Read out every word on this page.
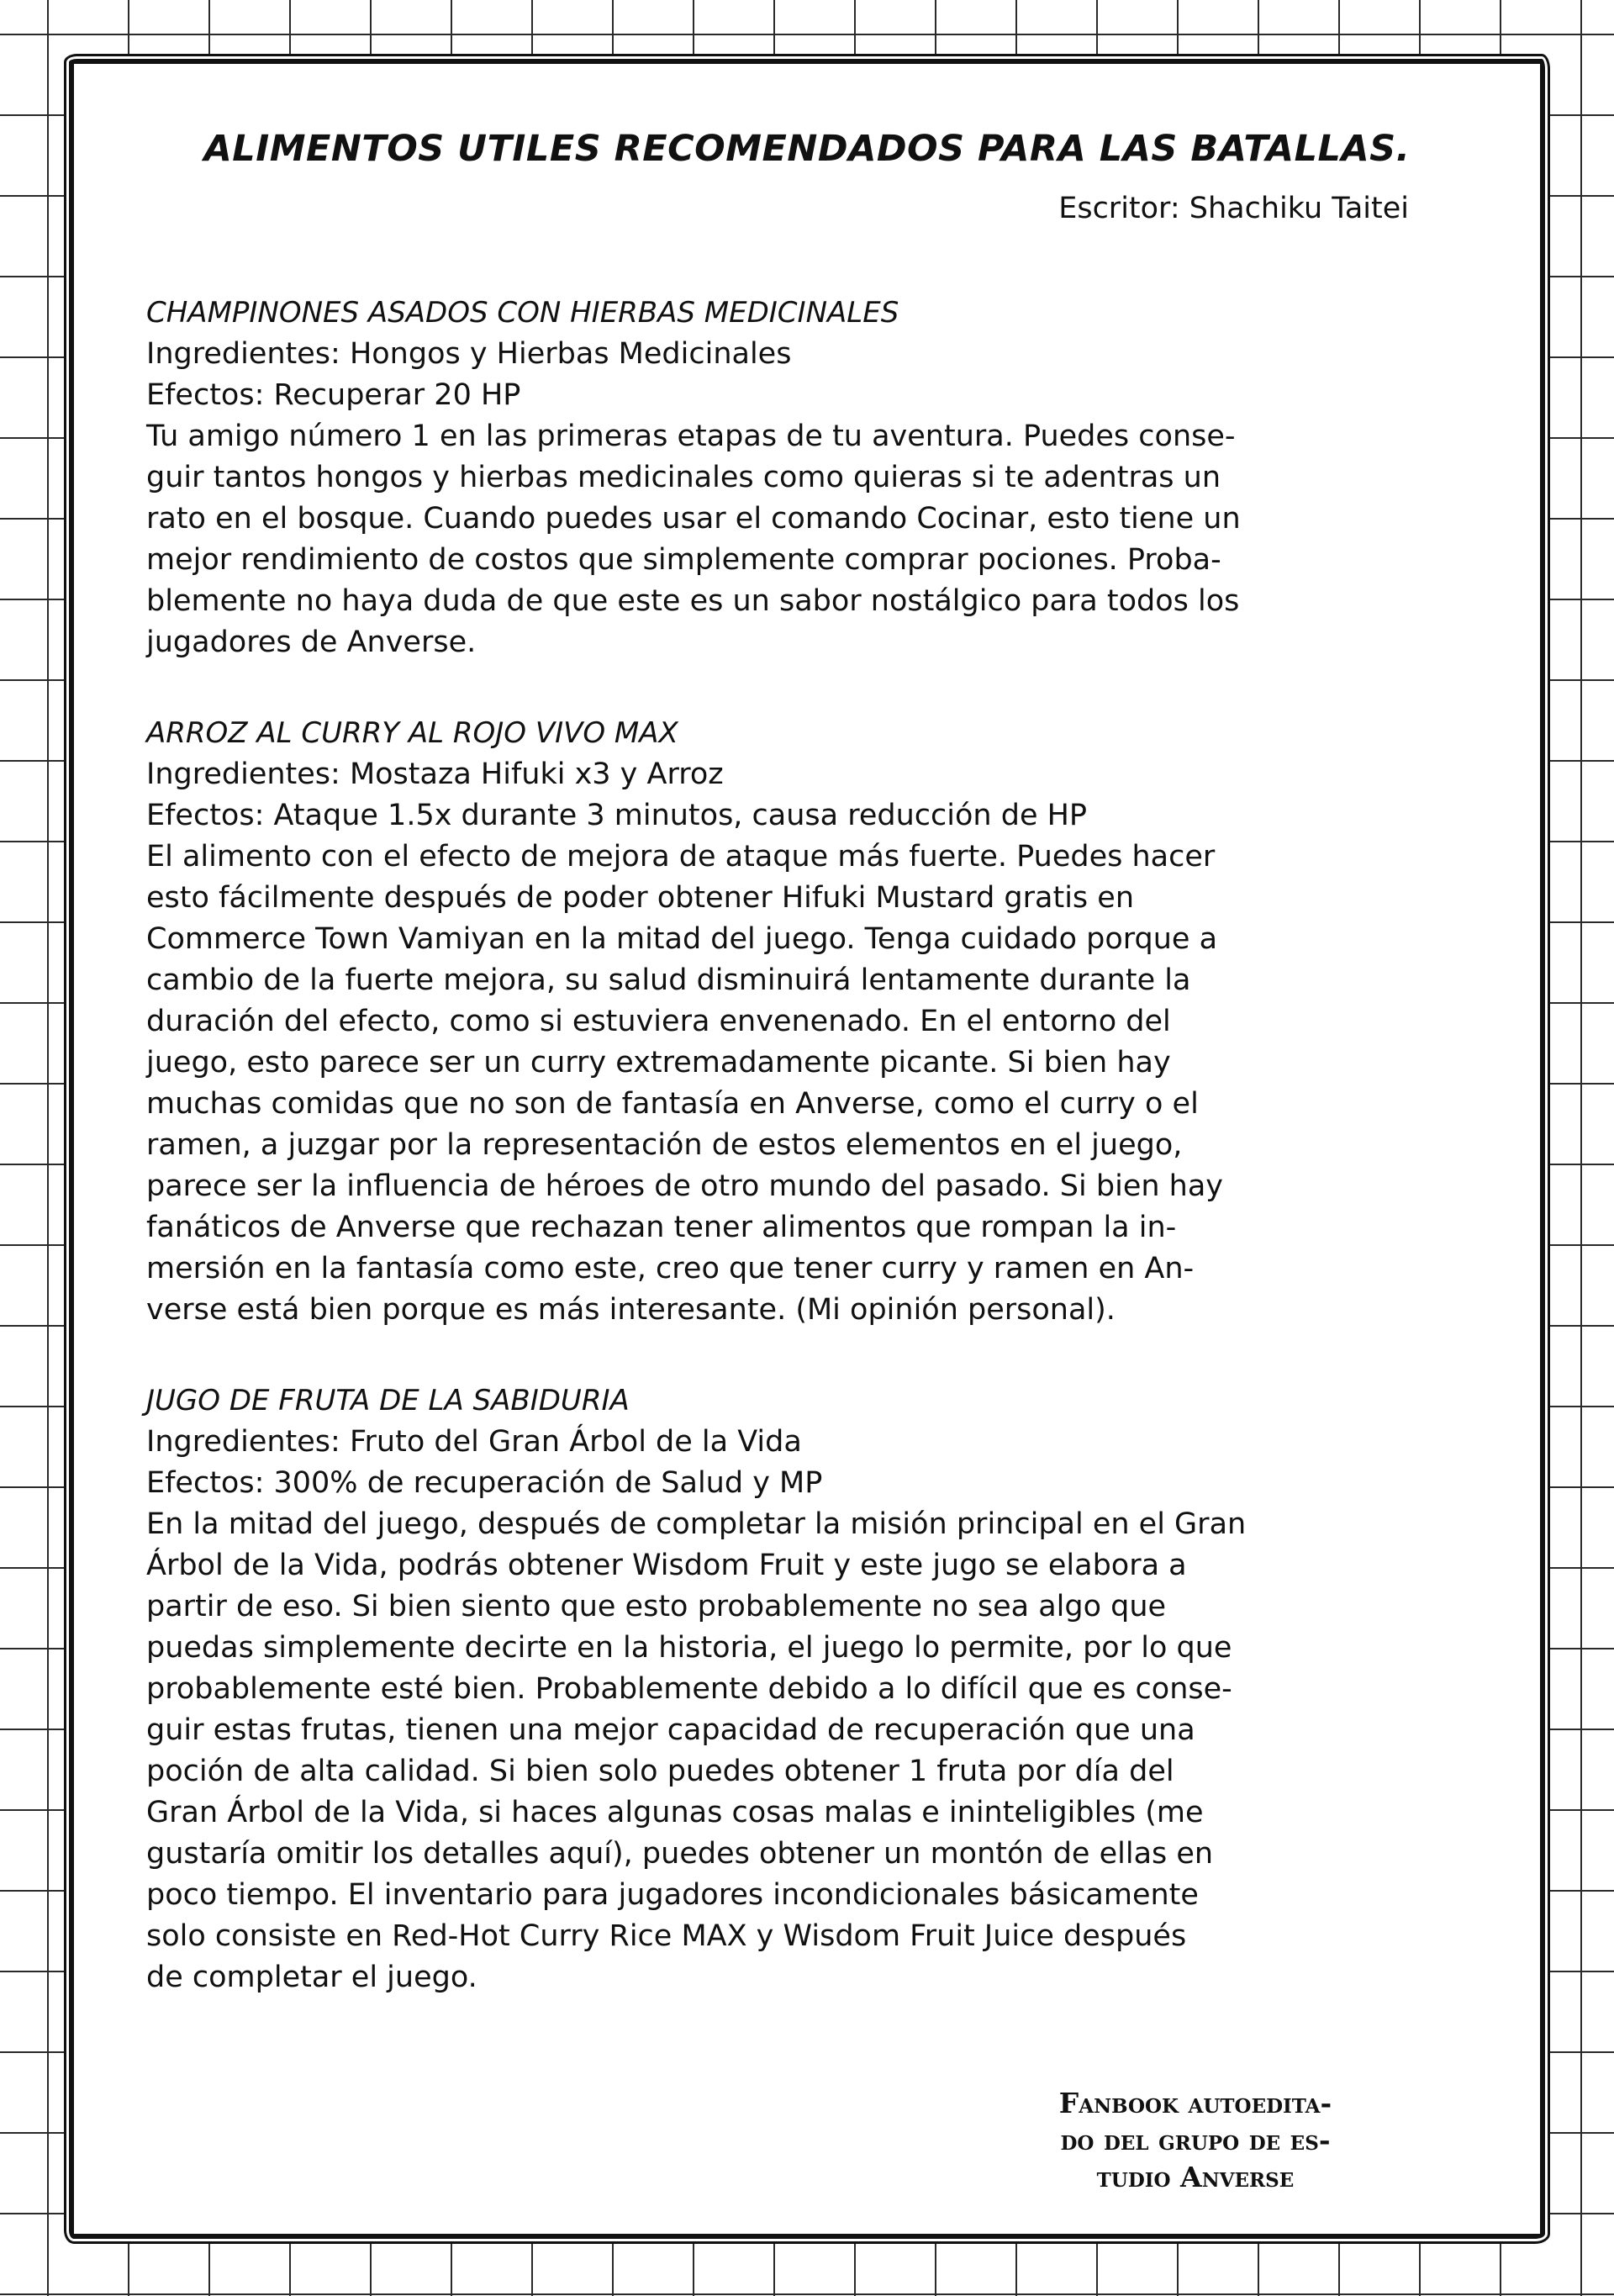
ALIMENTOS UTILES RECOMENDADOS PARA LAS BATALLAS.

Escritor: Shachiku Taitei

CHAMPINONES ASADOS CON HIERBAS MEDICINALES

Ingredientes: Hongos y Hierbas Medicinales

Efectos: Recuperar 20 HP

Tu amigo número 1 en las primeras etapas de tu aventura. Puedes conse-

guir tantos hongos y hierbas medicinales como quieras si te adentras un

rato en el bosque. Cuando puedes usar el comando Cocinar, esto tiene un

mejor rendimiento de costos que simplemente comprar pociones. Proba-

blemente no haya duda de que este es un sabor nostálgico para todos los

jugadores de Anverse.

ARROZ AL CURRY AL ROJO VIVO MAX

Ingredientes: Mostaza Hifuki x3 y Arroz

Efectos: Ataque 1.5x durante 3 minutos, causa reducción de HP

El alimento con el efecto de mejora de ataque más fuerte. Puedes hacer

esto fácilmente después de poder obtener Hifuki Mustard gratis en

Commerce Town Vamiyan en la mitad del juego. Tenga cuidado porque a

cambio de la fuerte mejora, su salud disminuirá lentamente durante la

duración del efecto, como si estuviera envenenado. En el entorno del

juego, esto parece ser un curry extremadamente picante. Si bien hay

muchas comidas que no son de fantasía en Anverse, como el curry o el

ramen, a juzgar por la representación de estos elementos en el juego,

parece ser la influencia de héroes de otro mundo del pasado. Si bien hay

fanáticos de Anverse que rechazan tener alimentos que rompan la in-

mersión en la fantasía como este, creo que tener curry y ramen en An-

verse está bien porque es más interesante. (Mi opinión personal).

JUGO DE FRUTA DE LA SABIDURIA

Ingredientes: Fruto del Gran Árbol de la Vida

Efectos: 300% de recuperación de Salud y MP

En la mitad del juego, después de completar la misión principal en el Gran

Árbol de la Vida, podrás obtener Wisdom Fruit y este jugo se elabora a

partir de eso. Si bien siento que esto probablemente no sea algo que

puedas simplemente decirte en la historia, el juego lo permite, por lo que

probablemente esté bien. Probablemente debido a lo difícil que es conse-

guir estas frutas, tienen una mejor capacidad de recuperación que una

poción de alta calidad. Si bien solo puedes obtener 1 fruta por día del

Gran Árbol de la Vida, si haces algunas cosas malas e ininteligibles (me

gustaría omitir los detalles aquí), puedes obtener un montón de ellas en

poco tiempo. El inventario para jugadores incondicionales básicamente

solo consiste en Red-Hot Curry Rice MAX y Wisdom Fruit Juice después

de completar el juego.

Fanbook autoedita-
do del grupo de es-
tudio Anverse
